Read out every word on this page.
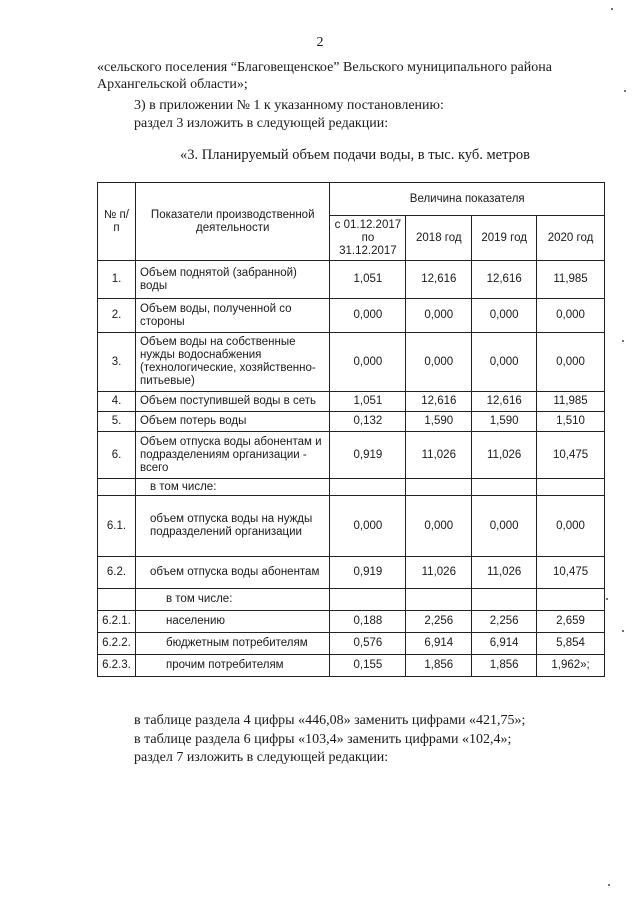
2
«сельского поселения “Благовещенское” Вельского муниципального района
Архангельской области»;
3) в приложении № 1 к указанному постановлению:
раздел 3 изложить в следующей редакции:
«3. Планируемый объем подачи воды, в тыс. куб. метров
№ п/п	Показатели производственной деятельности	Величина показателя			
		с 01.12.2017 по 31.12.2017	2018 год	2019 год	2020 год
1.	Объем поднятой (забранной) воды	1,051	12,616	12,616	11,985
2.	Объем воды, полученной со стороны	0,000	0,000	0,000	0,000
3.	Объем воды на собственные нужды водоснабжения (технологические, хозяйственно-питьевые)	0,000	0,000	0,000	0,000
4.	Объем поступившей воды в сеть	1,051	12,616	12,616	11,985
5.	Объем потерь воды	0,132	1,590	1,590	1,510
6.	Объем отпуска воды абонентам и подразделениям организации - всего	0,919	11,026	11,026	10,475
	в том числе:				
6.1.	объем отпуска воды на нужды подразделений организации	0,000	0,000	0,000	0,000
6.2.	объем отпуска воды абонентам	0,919	11,026	11,026	10,475
	в том числе:				
6.2.1.	населению	0,188	2,256	2,256	2,659
6.2.2.	бюджетным потребителям	0,576	6,914	6,914	5,854
6.2.3.	прочим потребителям	0,155	1,856	1,856	1,962»;
в таблице раздела 4 цифры «446,08» заменить цифрами «421,75»;
в таблице раздела 6 цифры «103,4» заменить цифрами «102,4»;
раздел 7 изложить в следующей редакции:
